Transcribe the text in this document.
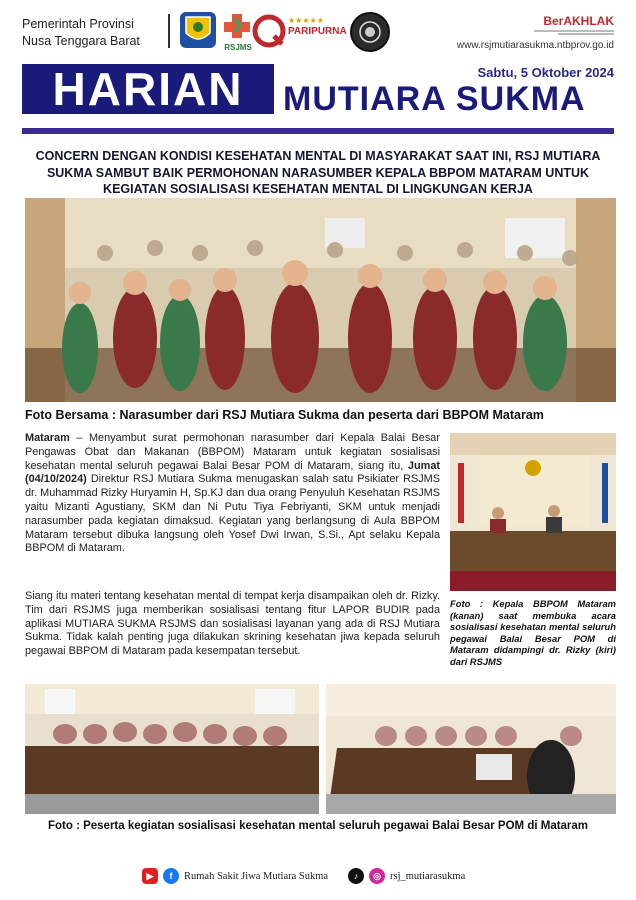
Pemerintah Provinsi
Nusa Tenggara Barat	RSJMS
★★★★★
PARIPURNA
BerAKHLAK
www.rsjmutiarasukma.ntbprov.go.id
HARIAN	Sabtu, 5 Oktober 2024
MUTIARA SUKMA
CONCERN DENGAN KONDISI KESEHATAN MENTAL DI MASYARAKAT SAAT INI, RSJ MUTIARA SUKMA SAMBUT BAIK PERMOHONAN NARASUMBER KEPALA BBPOM MATARAM UNTUK KEGIATAN SOSIALISASI KESEHATAN MENTAL DI LINGKUNGAN KERJA
Foto Bersama : Narasumber dari RSJ Mutiara Sukma dan peserta dari BBPOM Mataram
Mataram – Menyambut surat permohonan narasumber dari Kepala Balai Besar Pengawas Obat dan Makanan (BBPOM) Mataram untuk kegiatan sosialisasi kesehatan mental seluruh pegawai Balai Besar POM di Mataram, siang itu, Jumat (04/10/2024) Direktur RSJ Mutiara Sukma menugaskan salah satu Psikiater RSJMS dr. Muhammad Rizky Huryamin H, Sp.KJ dan dua orang Penyuluh Kesehatan RSJMS yaitu Mizanti Agustiany, SKM dan Ni Putu Tiya Febriyanti, SKM untuk menjadi narasumber pada kegiatan dimaksud. Kegiatan yang berlangsung di Aula BBPOM Mataram tersebut dibuka langsung oleh Yosef Dwi Irwan, S.Si., Apt selaku Kepala BBPOM di Mataram.
Siang itu materi tentang kesehatan mental di tempat kerja disampaikan oleh dr. Rizky. Tim dari RSJMS juga memberikan sosialisasi tentang fitur LAPOR BUDIR pada aplikasi MUTIARA SUKMA RSJMS dan sosialisasi layanan yang ada di RSJ Mutiara Sukma. Tidak kalah penting juga dilakukan skrining kesehatan jiwa kepada seluruh pegawai BBPOM di Mataram pada kesempatan tersebut.
Foto : Kepala BBPOM Mataram (kanan) saat membuka acara sosialisasi kesehatan mental seluruh pegawai Balai Besar POM di Mataram didampingi dr. Rizky (kiri) dari RSJMS
Foto : Peserta kegiatan sosialisasi kesehatan mental seluruh pegawai Balai Besar POM di Mataram
▶	f	Rumah Sakit Jiwa Mutiara Sukma	♪	◎ rsj_mutiarasukma
